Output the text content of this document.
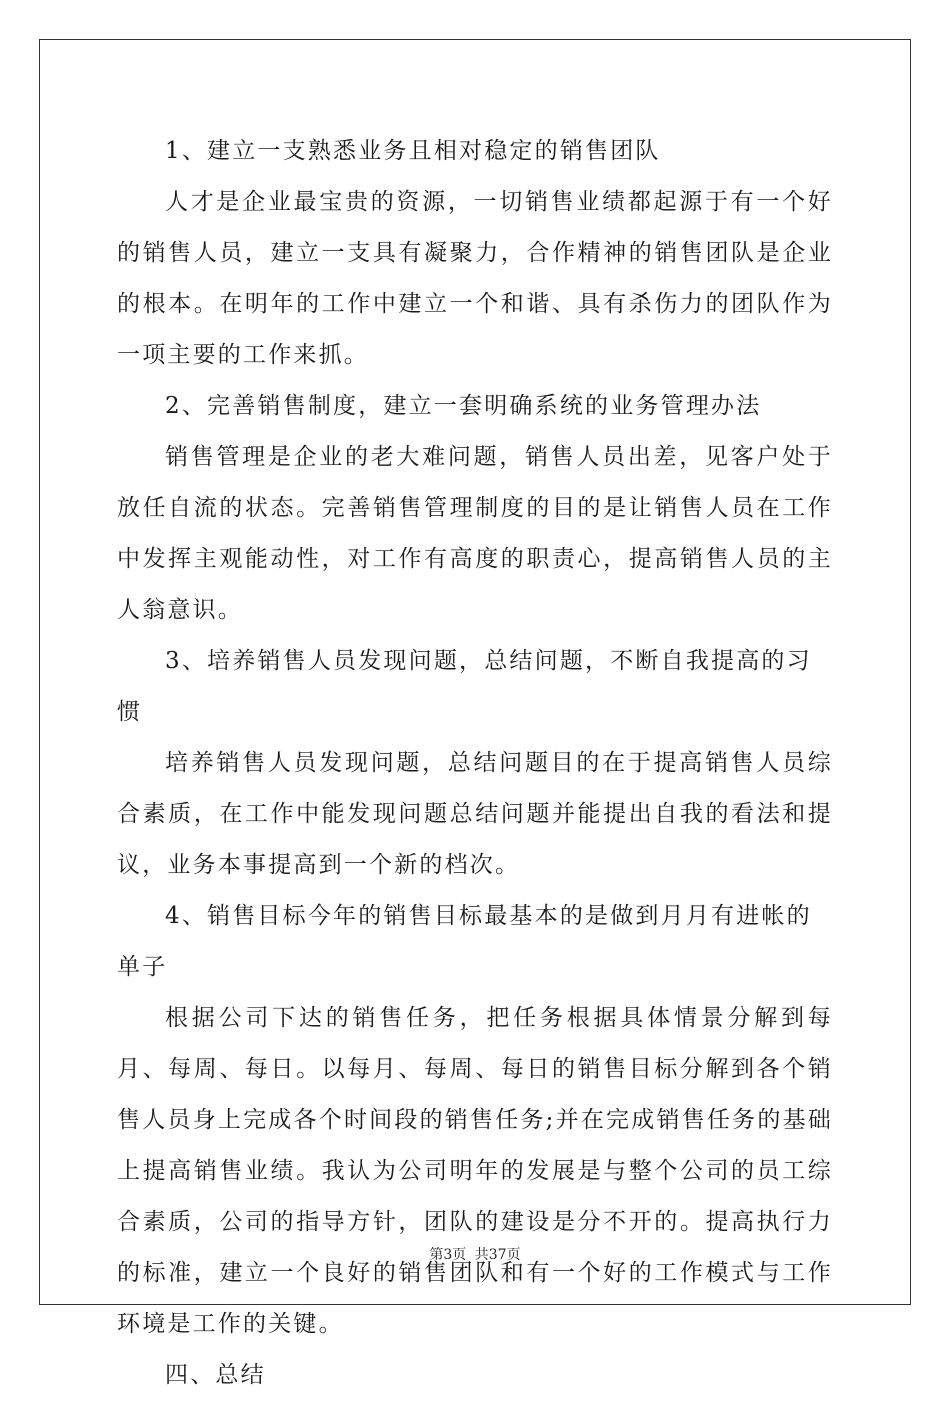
1、建立一支熟悉业务且相对稳定的销售团队

人才是企业最宝贵的资源，一切销售业绩都起源于有一个好的销售人员，建立一支具有凝聚力，合作精神的销售团队是企业的根本。在明年的工作中建立一个和谐、具有杀伤力的团队作为一项主要的工作来抓。

2、完善销售制度，建立一套明确系统的业务管理办法

销售管理是企业的老大难问题，销售人员出差，见客户处于放任自流的状态。完善销售管理制度的目的是让销售人员在工作中发挥主观能动性，对工作有高度的职责心，提高销售人员的主人翁意识。

3、培养销售人员发现问题，总结问题，不断自我提高的习惯

培养销售人员发现问题，总结问题目的在于提高销售人员综合素质，在工作中能发现问题总结问题并能提出自我的看法和提议，业务本事提高到一个新的档次。

4、销售目标今年的销售目标最基本的是做到月月有进帐的单子

根据公司下达的销售任务，把任务根据具体情景分解到每月、每周、每日。以每月、每周、每日的销售目标分解到各个销售人员身上完成各个时间段的销售任务;并在完成销售任务的基础上提高销售业绩。我认为公司明年的发展是与整个公司的员工综合素质，公司的指导方针，团队的建设是分不开的。提高执行力的标准，建立一个良好的销售团队和有一个好的工作模式与工作环境是工作的关键。

四、总结

第3页 共37页
